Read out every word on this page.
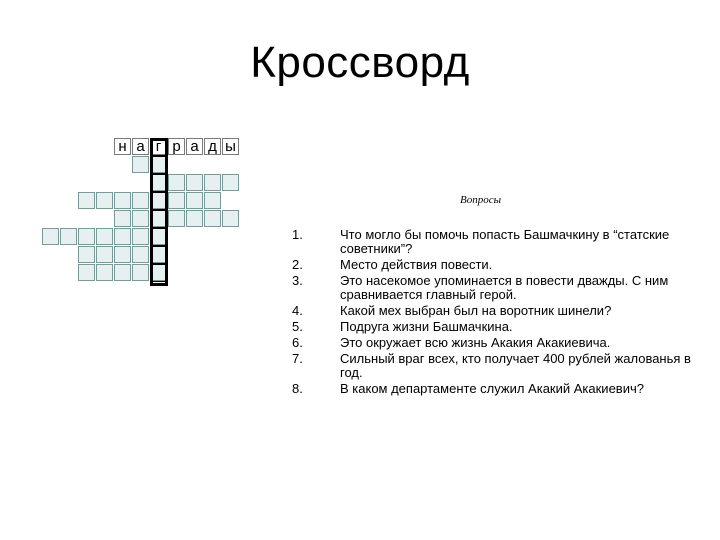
Кроссворд
н а г р а д ы
Вопросы
1.	Что могло бы помочь попасть Башмачкину в “статские советники”?
2.	Место действия повести.
3.	Это насекомое упоминается в повести дважды. С ним сравнивается главный герой.
4.	Какой мех выбран был на воротник шинели?
5.	Подруга жизни Башмачкина.
6.	Это окружает всю жизнь Акакия Акакиевича.
7.	Сильный враг всех, кто получает 400 рублей жалованья в год.
8.	В каком департаменте служил Акакий Акакиевич?
